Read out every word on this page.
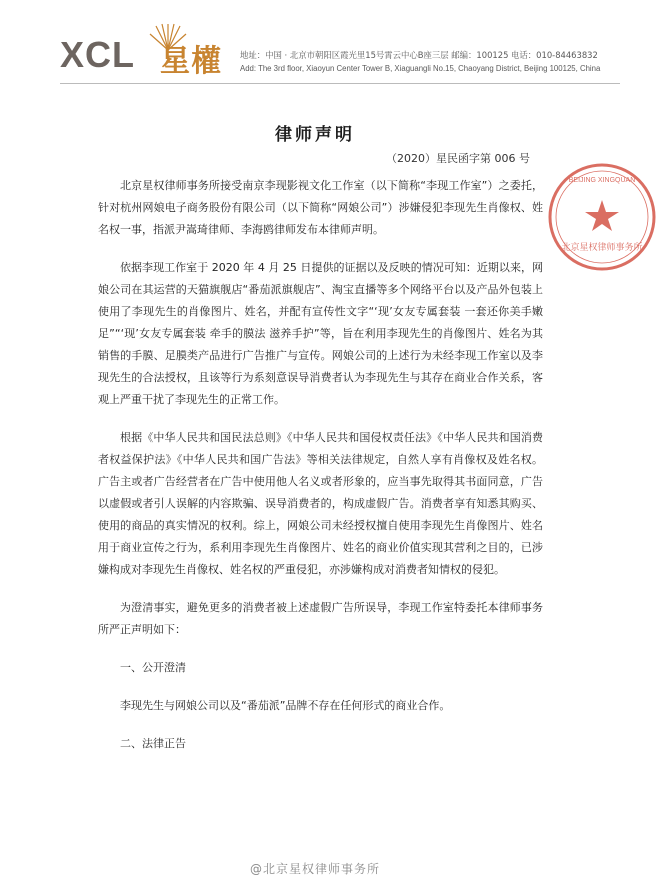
XCL 星權 地址：中国 · 北京市朝阳区霞光里15号霄云中心B座三层 邮编：100125 电话：010-84463832
Add: The 3rd floor, Xiaoyun Center Tower B, Xiaguangli No.15, Chaoyang District, Beijing 100125, China
律师声明
（2020）星民函字第 006 号
北京星权律师事务所
BEIJING XINGQUAN

北京星权律师事务所接受南京李现影视文化工作室（以下简称“李现工作室”）之委托，针对杭州网娘电子商务股份有限公司（以下简称“网娘公司”）涉嫌侵犯李现先生肖像权、姓名权一事，指派尹嵩琦律师、李海鸥律师发布本律师声明。

依据李现工作室于 2020 年 4 月 25 日提供的证据以及反映的情况可知：近期以来，网娘公司在其运营的天猫旗舰店“番茄派旗舰店”、淘宝直播等多个网络平台以及产品外包装上使用了李现先生的肖像图片、姓名，并配有宣传性文字“‘现’女友专属套装 一套还你美手嫩足”“‘现’女友专属套装 牵手的膜法 滋养手护”等，旨在利用李现先生的肖像图片、姓名为其销售的手膜、足膜类产品进行广告推广与宣传。网娘公司的上述行为未经李现工作室以及李现先生的合法授权，且该等行为系刻意误导消费者认为李现先生与其存在商业合作关系，客观上严重干扰了李现先生的正常工作。

根据《中华人民共和国民法总则》《中华人民共和国侵权责任法》《中华人民共和国消费者权益保护法》《中华人民共和国广告法》等相关法律规定，自然人享有肖像权及姓名权。广告主或者广告经营者在广告中使用他人名义或者形象的，应当事先取得其书面同意，广告以虚假或者引人误解的内容欺骗、误导消费者的，构成虚假广告。消费者享有知悉其购买、使用的商品的真实情况的权利。综上，网娘公司未经授权擅自使用李现先生肖像图片、姓名用于商业宣传之行为，系利用李现先生肖像图片、姓名的商业价值实现其营利之目的，已涉嫌构成对李现先生肖像权、姓名权的严重侵犯，亦涉嫌构成对消费者知情权的侵犯。

为澄清事实，避免更多的消费者被上述虚假广告所误导，李现工作室特委托本律师事务所严正声明如下：

一、公开澄清
李现先生与网娘公司以及“番茄派”品牌不存在任何形式的商业合作。
二、法律正告
@北京星权律师事务所
